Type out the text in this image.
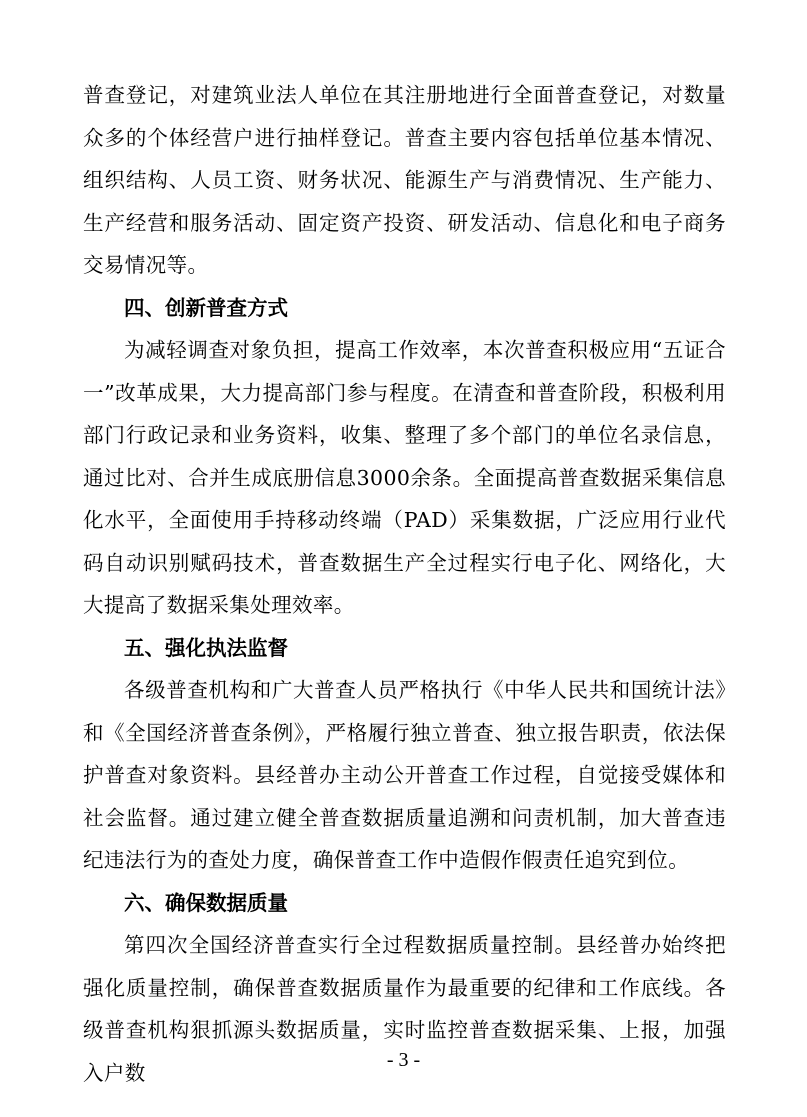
普查登记，对建筑业法人单位在其注册地进行全面普查登记，对数量众多的个体经营户进行抽样登记。普查主要内容包括单位基本情况、组织结构、人员工资、财务状况、能源生产与消费情况、生产能力、生产经营和服务活动、固定资产投资、研发活动、信息化和电子商务交易情况等。

四、创新普查方式

为减轻调查对象负担，提高工作效率，本次普查积极应用“五证合一”改革成果，大力提高部门参与程度。在清查和普查阶段，积极利用部门行政记录和业务资料，收集、整理了多个部门的单位名录信息，通过比对、合并生成底册信息3000余条。全面提高普查数据采集信息化水平，全面使用手持移动终端（PAD）采集数据，广泛应用行业代码自动识别赋码技术，普查数据生产全过程实行电子化、网络化，大大提高了数据采集处理效率。

五、强化执法监督

各级普查机构和广大普查人员严格执行《中华人民共和国统计法》和《全国经济普查条例》，严格履行独立普查、独立报告职责，依法保护普查对象资料。县经普办主动公开普查工作过程，自觉接受媒体和社会监督。通过建立健全普查数据质量追溯和问责机制，加大普查违纪违法行为的查处力度，确保普查工作中造假作假责任追究到位。

六、确保数据质量

第四次全国经济普查实行全过程数据质量控制。县经普办始终把强化质量控制，确保普查数据质量作为最重要的纪律和工作底线。各级普查机构狠抓源头数据质量，实时监控普查数据采集、上报，加强入户数

- 3 -
